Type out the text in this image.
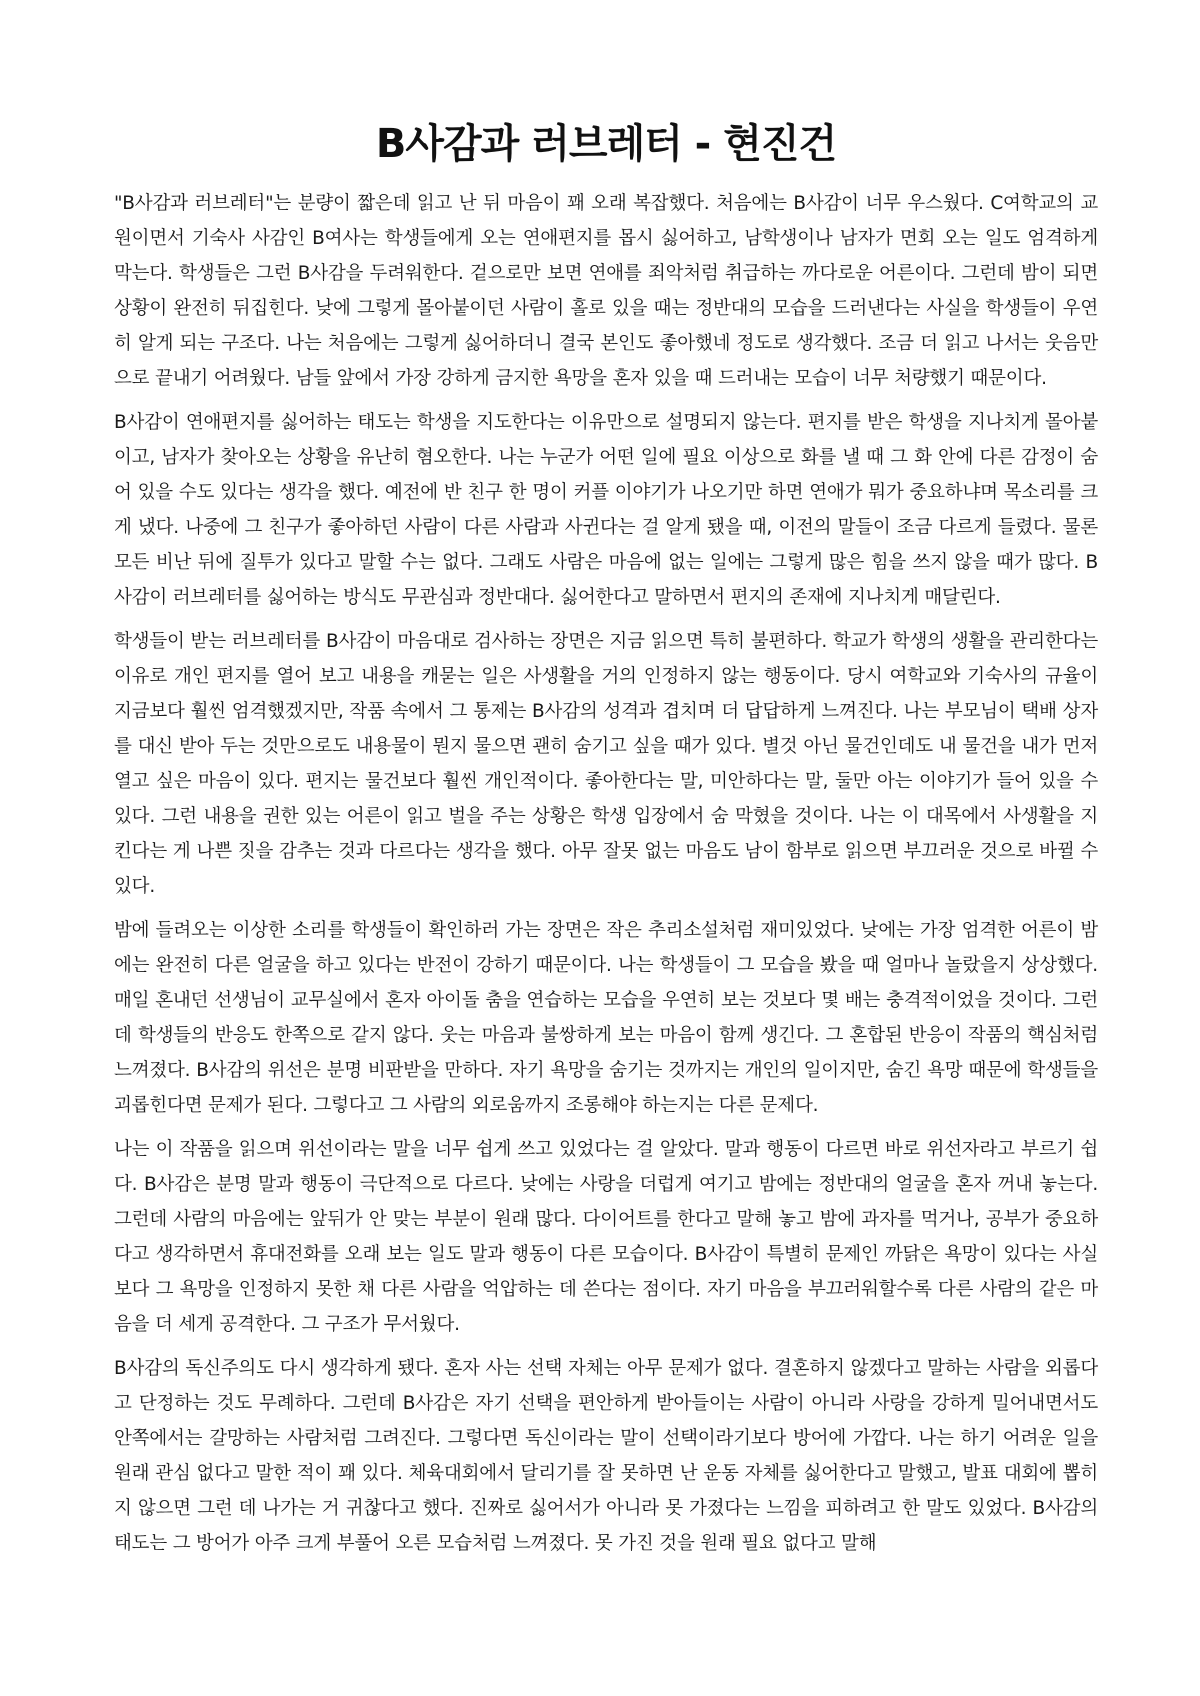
B사감과 러브레터 - 현진건

"B사감과 러브레터"는 분량이 짧은데 읽고 난 뒤 마음이 꽤 오래 복잡했다. 처음에는 B사감이 너무 우스웠다. C여학교의 교원이면서 기숙사 사감인 B여사는 학생들에게 오는 연애편지를 몹시 싫어하고, 남학생이나 남자가 면회 오는 일도 엄격하게 막는다. 학생들은 그런 B사감을 두려워한다. 겉으로만 보면 연애를 죄악처럼 취급하는 까다로운 어른이다. 그런데 밤이 되면 상황이 완전히 뒤집힌다. 낮에 그렇게 몰아붙이던 사람이 홀로 있을 때는 정반대의 모습을 드러낸다는 사실을 학생들이 우연히 알게 되는 구조다. 나는 처음에는 그렇게 싫어하더니 결국 본인도 좋아했네 정도로 생각했다. 조금 더 읽고 나서는 웃음만으로 끝내기 어려웠다. 남들 앞에서 가장 강하게 금지한 욕망을 혼자 있을 때 드러내는 모습이 너무 처량했기 때문이다.

B사감이 연애편지를 싫어하는 태도는 학생을 지도한다는 이유만으로 설명되지 않는다. 편지를 받은 학생을 지나치게 몰아붙이고, 남자가 찾아오는 상황을 유난히 혐오한다. 나는 누군가 어떤 일에 필요 이상으로 화를 낼 때 그 화 안에 다른 감정이 숨어 있을 수도 있다는 생각을 했다. 예전에 반 친구 한 명이 커플 이야기가 나오기만 하면 연애가 뭐가 중요하냐며 목소리를 크게 냈다. 나중에 그 친구가 좋아하던 사람이 다른 사람과 사귄다는 걸 알게 됐을 때, 이전의 말들이 조금 다르게 들렸다. 물론 모든 비난 뒤에 질투가 있다고 말할 수는 없다. 그래도 사람은 마음에 없는 일에는 그렇게 많은 힘을 쓰지 않을 때가 많다. B사감이 러브레터를 싫어하는 방식도 무관심과 정반대다. 싫어한다고 말하면서 편지의 존재에 지나치게 매달린다.

학생들이 받는 러브레터를 B사감이 마음대로 검사하는 장면은 지금 읽으면 특히 불편하다. 학교가 학생의 생활을 관리한다는 이유로 개인 편지를 열어 보고 내용을 캐묻는 일은 사생활을 거의 인정하지 않는 행동이다. 당시 여학교와 기숙사의 규율이 지금보다 훨씬 엄격했겠지만, 작품 속에서 그 통제는 B사감의 성격과 겹치며 더 답답하게 느껴진다. 나는 부모님이 택배 상자를 대신 받아 두는 것만으로도 내용물이 뭔지 물으면 괜히 숨기고 싶을 때가 있다. 별것 아닌 물건인데도 내 물건을 내가 먼저 열고 싶은 마음이 있다. 편지는 물건보다 훨씬 개인적이다. 좋아한다는 말, 미안하다는 말, 둘만 아는 이야기가 들어 있을 수 있다. 그런 내용을 권한 있는 어른이 읽고 벌을 주는 상황은 학생 입장에서 숨 막혔을 것이다. 나는 이 대목에서 사생활을 지킨다는 게 나쁜 짓을 감추는 것과 다르다는 생각을 했다. 아무 잘못 없는 마음도 남이 함부로 읽으면 부끄러운 것으로 바뀔 수 있다.

밤에 들려오는 이상한 소리를 학생들이 확인하러 가는 장면은 작은 추리소설처럼 재미있었다. 낮에는 가장 엄격한 어른이 밤에는 완전히 다른 얼굴을 하고 있다는 반전이 강하기 때문이다. 나는 학생들이 그 모습을 봤을 때 얼마나 놀랐을지 상상했다. 매일 혼내던 선생님이 교무실에서 혼자 아이돌 춤을 연습하는 모습을 우연히 보는 것보다 몇 배는 충격적이었을 것이다. 그런데 학생들의 반응도 한쪽으로 같지 않다. 웃는 마음과 불쌍하게 보는 마음이 함께 생긴다. 그 혼합된 반응이 작품의 핵심처럼 느껴졌다. B사감의 위선은 분명 비판받을 만하다. 자기 욕망을 숨기는 것까지는 개인의 일이지만, 숨긴 욕망 때문에 학생들을 괴롭힌다면 문제가 된다. 그렇다고 그 사람의 외로움까지 조롱해야 하는지는 다른 문제다.

나는 이 작품을 읽으며 위선이라는 말을 너무 쉽게 쓰고 있었다는 걸 알았다. 말과 행동이 다르면 바로 위선자라고 부르기 쉽다. B사감은 분명 말과 행동이 극단적으로 다르다. 낮에는 사랑을 더럽게 여기고 밤에는 정반대의 얼굴을 혼자 꺼내 놓는다. 그런데 사람의 마음에는 앞뒤가 안 맞는 부분이 원래 많다. 다이어트를 한다고 말해 놓고 밤에 과자를 먹거나, 공부가 중요하다고 생각하면서 휴대전화를 오래 보는 일도 말과 행동이 다른 모습이다. B사감이 특별히 문제인 까닭은 욕망이 있다는 사실보다 그 욕망을 인정하지 못한 채 다른 사람을 억압하는 데 쓴다는 점이다. 자기 마음을 부끄러워할수록 다른 사람의 같은 마음을 더 세게 공격한다. 그 구조가 무서웠다.

B사감의 독신주의도 다시 생각하게 됐다. 혼자 사는 선택 자체는 아무 문제가 없다. 결혼하지 않겠다고 말하는 사람을 외롭다고 단정하는 것도 무례하다. 그런데 B사감은 자기 선택을 편안하게 받아들이는 사람이 아니라 사랑을 강하게 밀어내면서도 안쪽에서는 갈망하는 사람처럼 그려진다. 그렇다면 독신이라는 말이 선택이라기보다 방어에 가깝다. 나는 하기 어려운 일을 원래 관심 없다고 말한 적이 꽤 있다. 체육대회에서 달리기를 잘 못하면 난 운동 자체를 싫어한다고 말했고, 발표 대회에 뽑히지 않으면 그런 데 나가는 거 귀찮다고 했다. 진짜로 싫어서가 아니라 못 가졌다는 느낌을 피하려고 한 말도 있었다. B사감의 태도는 그 방어가 아주 크게 부풀어 오른 모습처럼 느껴졌다. 못 가진 것을 원래 필요 없다고 말해
